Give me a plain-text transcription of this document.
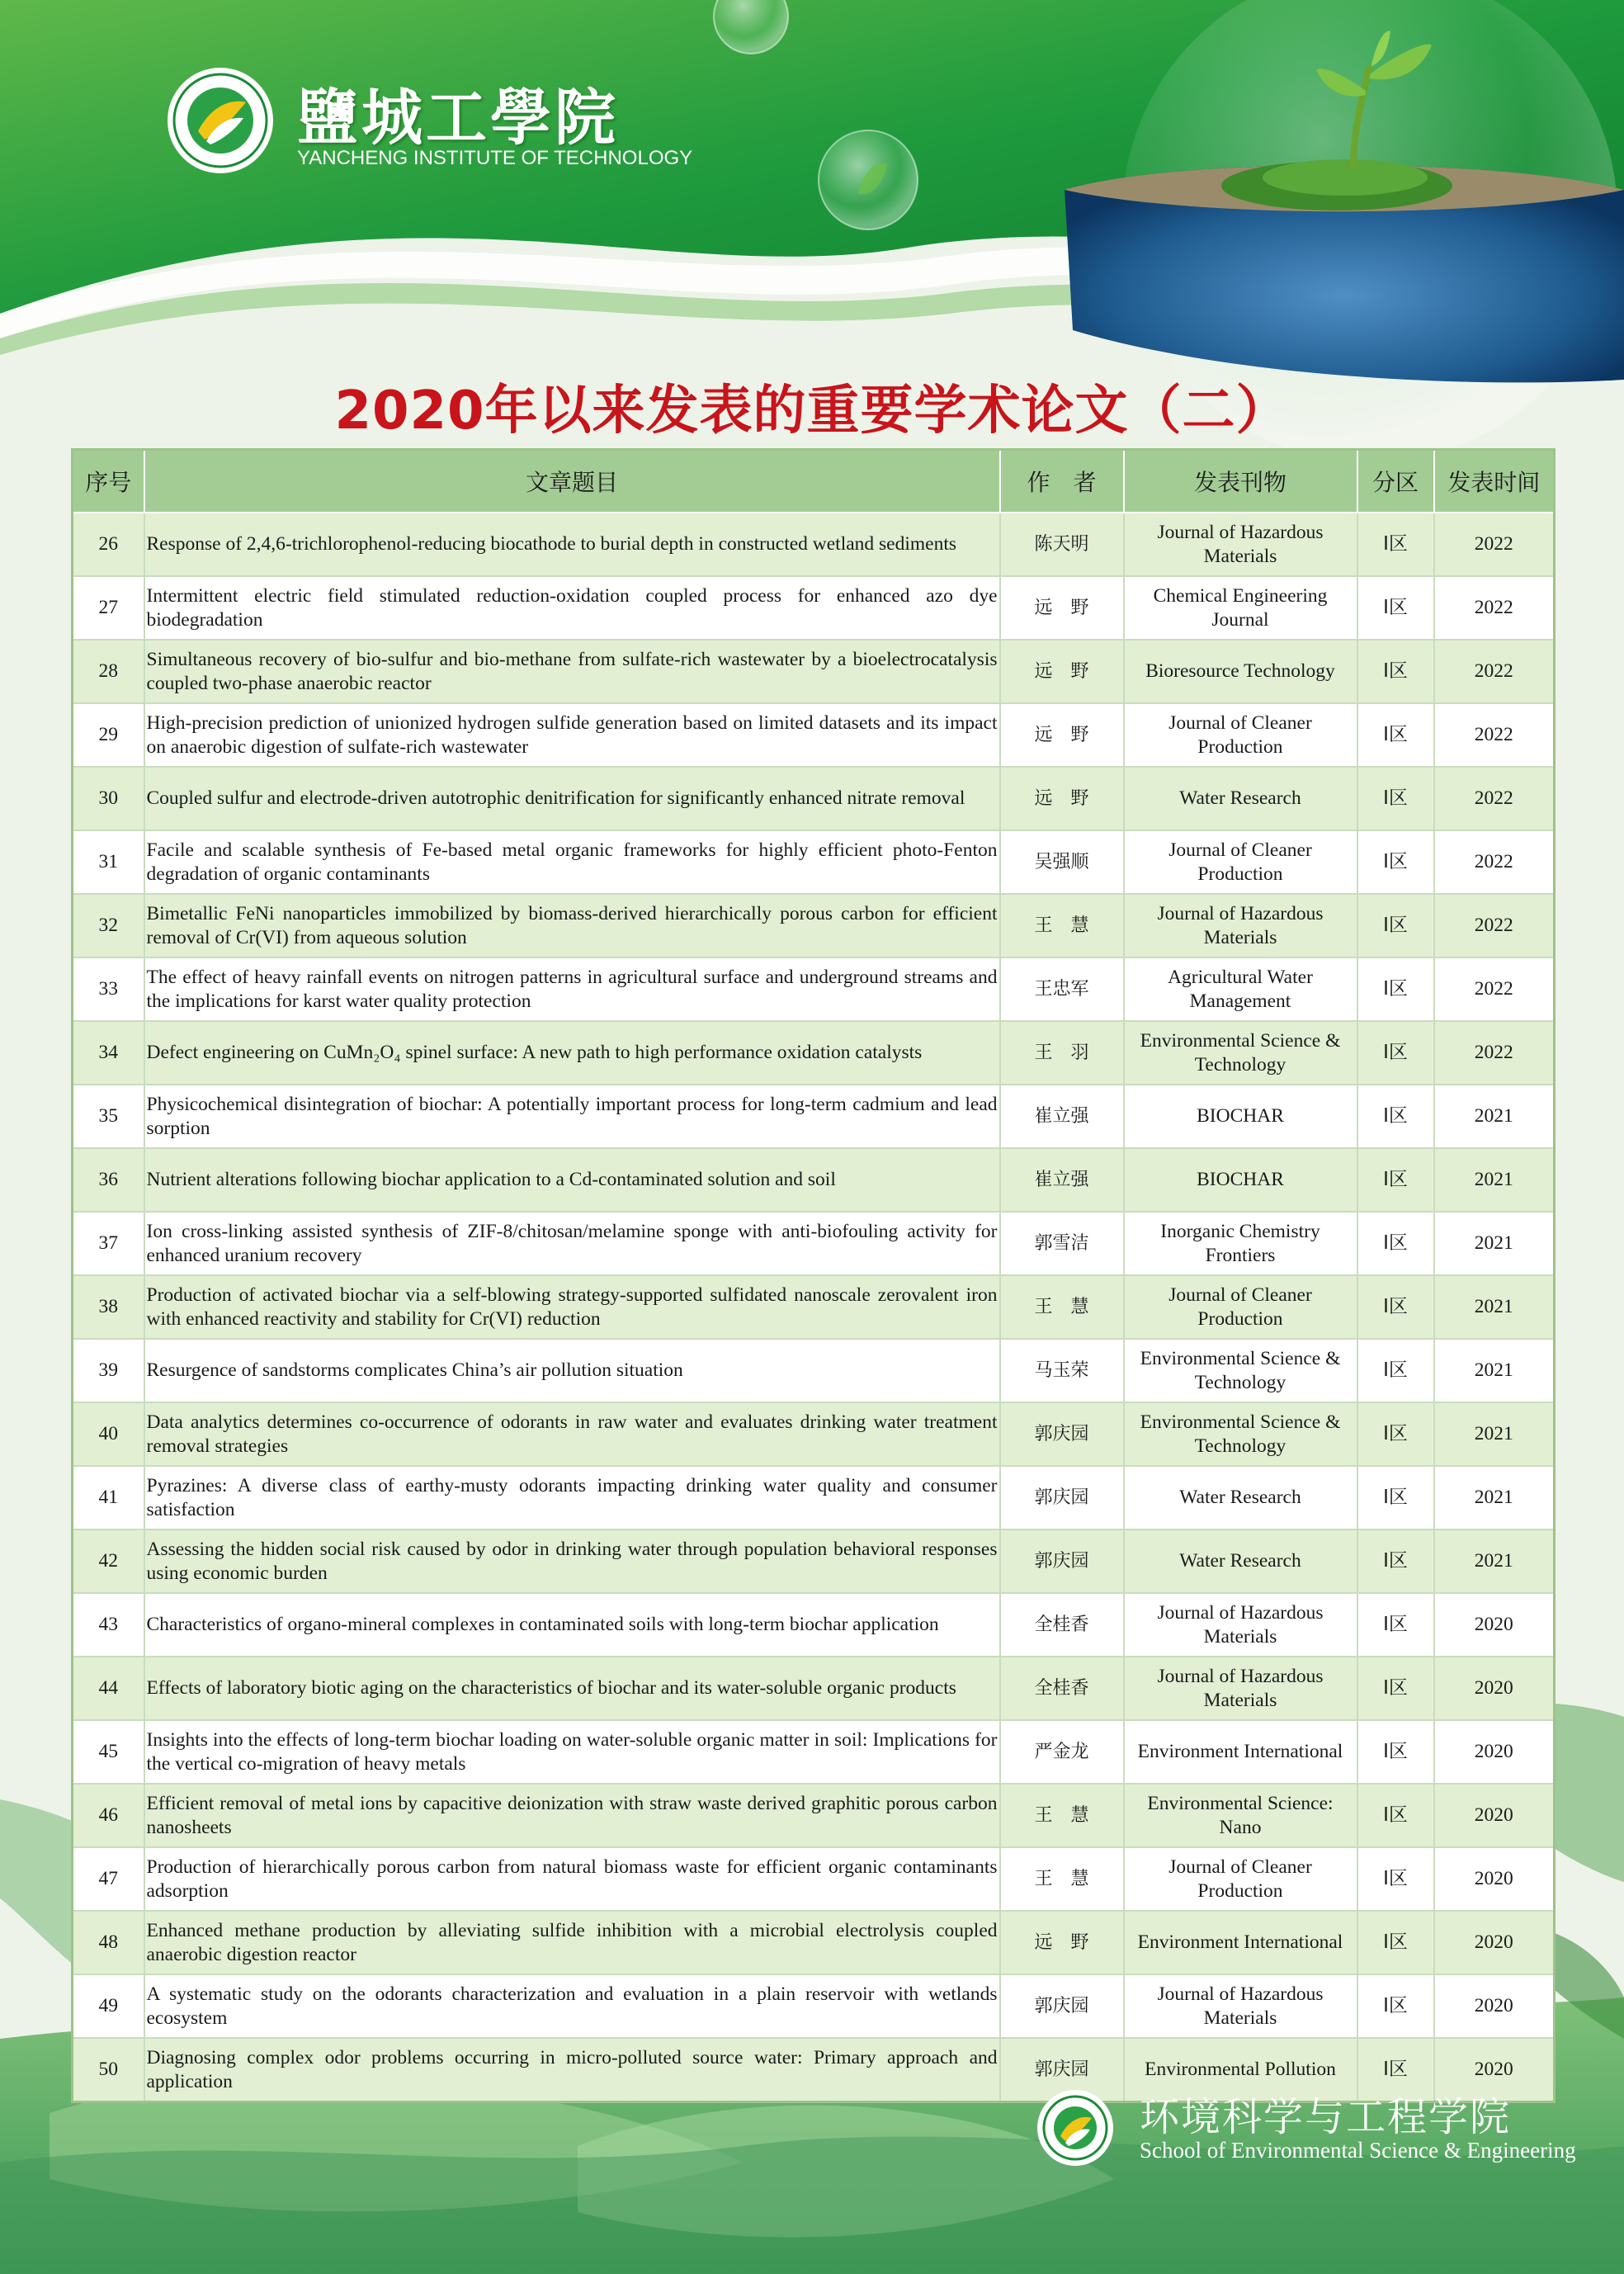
鹽城工學院
YANCHENG INSTITUTE OF TECHNOLOGY
2020年以来发表的重要学术论文（二）
序号	文章题目	作　者	发表刊物	分区	发表时间
26	Response of 2,4,6-trichlorophenol-reducing biocathode to burial depth in constructed wetland sediments	陈天明	Journal of Hazardous Materials	I区	2022
27	Intermittent electric field stimulated reduction-oxidation coupled process for enhanced azo dye biodegradation	远　野	Chemical Engineering Journal	I区	2022
28	Simultaneous recovery of bio-sulfur and bio-methane from sulfate-rich wastewater by a bioelectrocatalysis coupled two-phase anaerobic reactor	远　野	Bioresource Technology	I区	2022
29	High-precision prediction of unionized hydrogen sulfide generation based on limited datasets and its impact on anaerobic digestion of sulfate-rich wastewater	远　野	Journal of Cleaner Production	I区	2022
30	Coupled sulfur and electrode-driven autotrophic denitrification for significantly enhanced nitrate removal	远　野	Water Research	I区	2022
31	Facile and scalable synthesis of Fe-based metal organic frameworks for highly efficient photo-Fenton degradation of organic contaminants	吴强顺	Journal of Cleaner Production	I区	2022
32	Bimetallic FeNi nanoparticles immobilized by biomass-derived hierarchically porous carbon for efficient removal of Cr(VI) from aqueous solution	王　慧	Journal of Hazardous Materials	I区	2022
33	The effect of heavy rainfall events on nitrogen patterns in agricultural surface and underground streams and the implications for karst water quality protection	王忠军	Agricultural Water Management	I区	2022
34	Defect engineering on CuMn₂O₄ spinel surface: A new path to high performance oxidation catalysts	王　羽	Environmental Science & Technology	I区	2022
35	Physicochemical disintegration of biochar: A potentially important process for long-term cadmium and lead sorption	崔立强	BIOCHAR	I区	2021
36	Nutrient alterations following biochar application to a Cd-contaminated solution and soil	崔立强	BIOCHAR	I区	2021
37	Ion cross-linking assisted synthesis of ZIF-8/chitosan/melamine sponge with anti-biofouling activity for enhanced uranium recovery	郭雪洁	Inorganic Chemistry Frontiers	I区	2021
38	Production of activated biochar via a self-blowing strategy-supported sulfidated nanoscale zerovalent iron with enhanced reactivity and stability for Cr(VI) reduction	王　慧	Journal of Cleaner Production	I区	2021
39	Resurgence of sandstorms complicates China’s air pollution situation	马玉荣	Environmental Science & Technology	I区	2021
40	Data analytics determines co-occurrence of odorants in raw water and evaluates drinking water treatment removal strategies	郭庆园	Environmental Science & Technology	I区	2021
41	Pyrazines: A diverse class of earthy-musty odorants impacting drinking water quality and consumer satisfaction	郭庆园	Water Research	I区	2021
42	Assessing the hidden social risk caused by odor in drinking water through population behavioral responses using economic burden	郭庆园	Water Research	I区	2021
43	Characteristics of organo-mineral complexes in contaminated soils with long-term biochar application	全桂香	Journal of Hazardous Materials	I区	2020
44	Effects of laboratory biotic aging on the characteristics of biochar and its water-soluble organic products	全桂香	Journal of Hazardous Materials	I区	2020
45	Insights into the effects of long-term biochar loading on water-soluble organic matter in soil: Implications for the vertical co-migration of heavy metals	严金龙	Environment International	I区	2020
46	Efficient removal of metal ions by capacitive deionization with straw waste derived graphitic porous carbon nanosheets	王　慧	Environmental Science: Nano	I区	2020
47	Production of hierarchically porous carbon from natural biomass waste for efficient organic contaminants adsorption	王　慧	Journal of Cleaner Production	I区	2020
48	Enhanced methane production by alleviating sulfide inhibition with a microbial electrolysis coupled anaerobic digestion reactor	远　野	Environment International	I区	2020
49	A systematic study on the odorants characterization and evaluation in a plain reservoir with wetlands ecosystem	郭庆园	Journal of Hazardous Materials	I区	2020
50	Diagnosing complex odor problems occurring in micro-polluted source water: Primary approach and application	郭庆园	Environmental Pollution	I区	2020
环境科学与工程学院
School of Environmental Science & Engineering
